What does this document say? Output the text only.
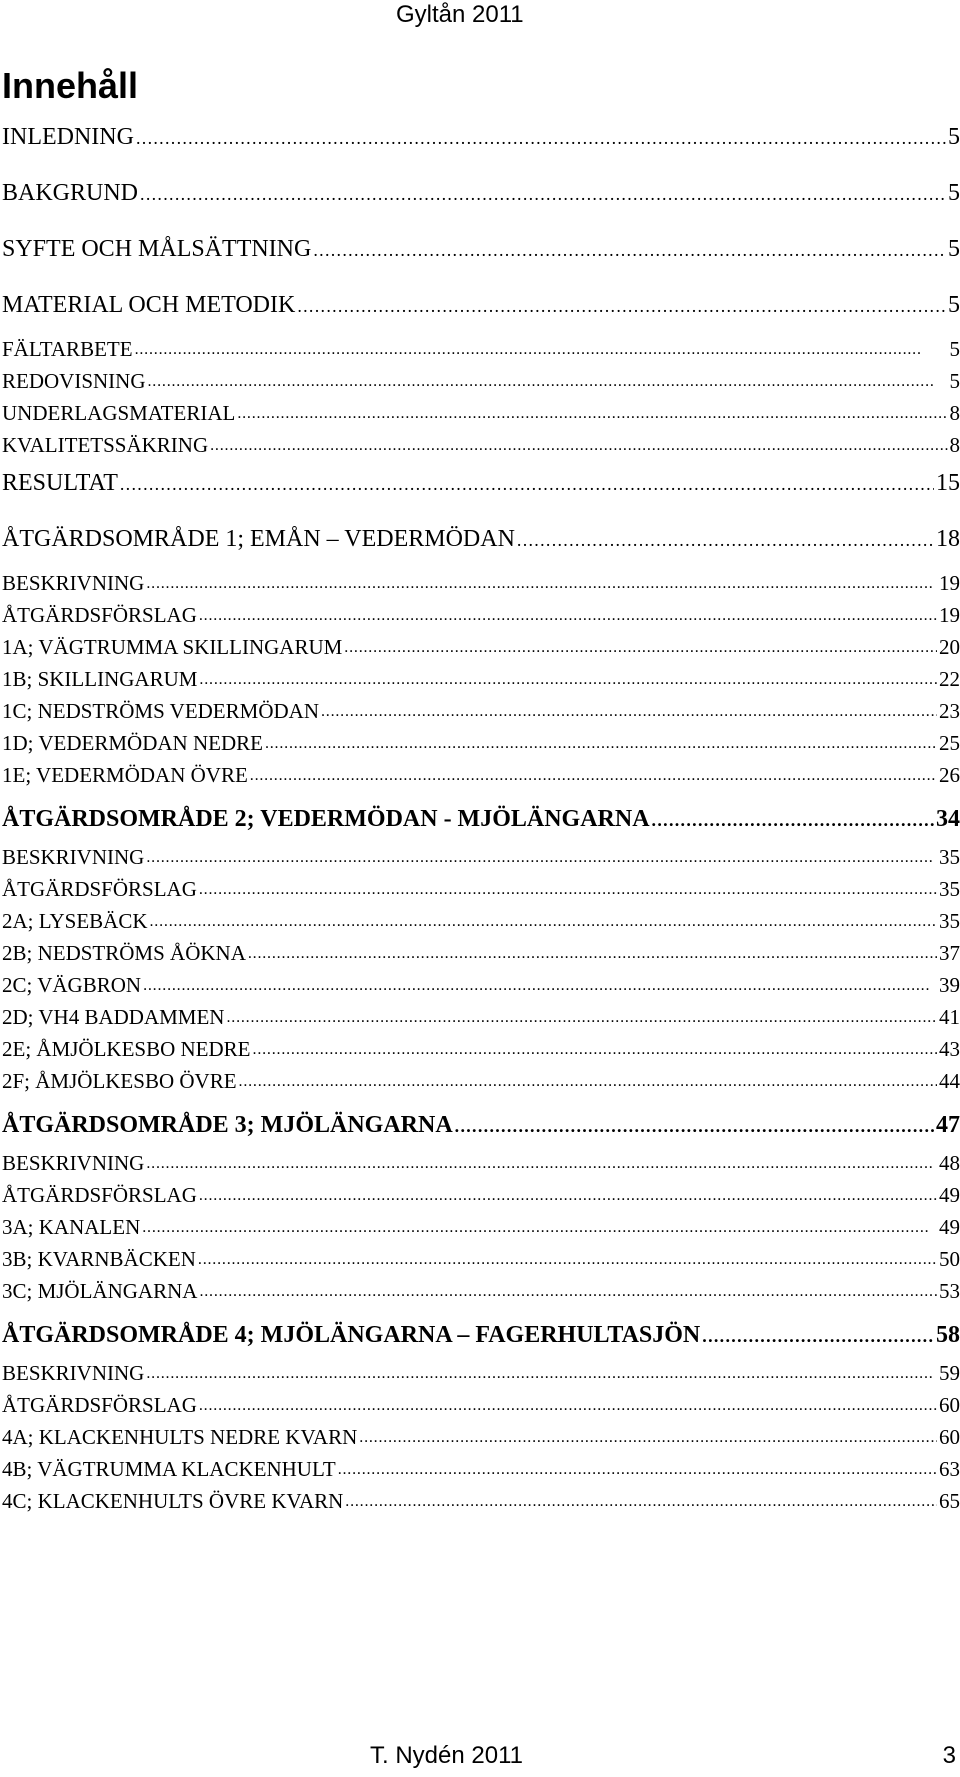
Gyltån 2011
Innehåll
INLEDNING . . .	5
BAKGRUND . . .	5
SYFTE OCH MÅLSÄTTNING . . .	5
MATERIAL OCH METODIK . . .	5
FÄLTARBETE . . .	5
REDOVISNING . . .	5
UNDERLAGSMATERIAL . . .	8
KVALITETSSÄKRING . . .	8
RESULTAT . . .	15
ÅTGÄRDSOMRÅDE 1; EMÅN – VEDERMÖDAN . . .	18
BESKRIVNING . . .	19
ÅTGÄRDSFÖRSLAG . . .	19
1A; VÄGTRUMMA SKILLINGARUM . . .	20
1B; SKILLINGARUM . . .	22
1C; NEDSTRÖMS VEDERMÖDAN . . .	23
1D; VEDERMÖDAN NEDRE . . .	25
1E; VEDERMÖDAN ÖVRE . . .	26
ÅTGÄRDSOMRÅDE 2; VEDERMÖDAN - MJÖLÄNGARNA . . .	34
BESKRIVNING . . .	35
ÅTGÄRDSFÖRSLAG . . .	35
2A; LYSEBÄCK . . .	35
2B; NEDSTRÖMS ÅÖKNA . . .	37
2C; VÄGBRON . . .	39
2D; VH4 BADDAMMEN . . .	41
2E; ÅMJÖLKESBO NEDRE . . .	43
2F; ÅMJÖLKESBO ÖVRE . . .	44
ÅTGÄRDSOMRÅDE 3; MJÖLÄNGARNA . . .	47
BESKRIVNING . . .	48
ÅTGÄRDSFÖRSLAG . . .	49
3A; KANALEN . . .	49
3B; KVARNBÄCKEN . . .	50
3C; MJÖLÄNGARNA . . .	53
ÅTGÄRDSOMRÅDE 4; MJÖLÄNGARNA – FAGERHULTASJÖN . . .	58
BESKRIVNING . . .	59
ÅTGÄRDSFÖRSLAG . . .	60
4A; KLACKENHULTS NEDRE KVARN . . .	60
4B; VÄGTRUMMA KLACKENHULT . . .	63
4C; KLACKENHULTS ÖVRE KVARN . . .	65
T. Nydén 2011	3
